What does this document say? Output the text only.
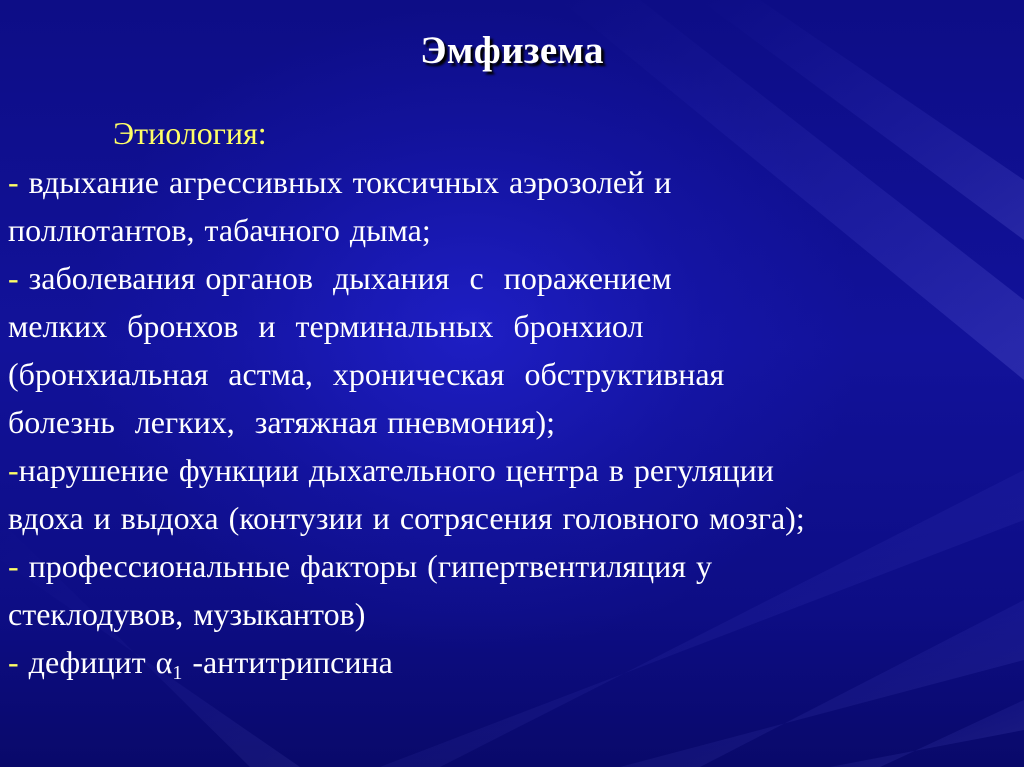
Эмфизема
Этиология:
- вдыхание агрессивных токсичных аэрозолей и
поллютантов, табачного дыма;
- заболевания органов  дыхания  с  поражением
мелких  бронхов  и  терминальных  бронхиол
(бронхиальная  астма,  хроническая  обструктивная
болезнь  легких,  затяжная пневмония);
-нарушение функции дыхательного центра в регуляции
вдоха и выдоха (контузии и сотрясения головного мозга);
- профессиональные факторы (гипертвентиляция у
стеклодувов, музыкантов)
- дефицит $\alpha_1$ -антитрипсина
